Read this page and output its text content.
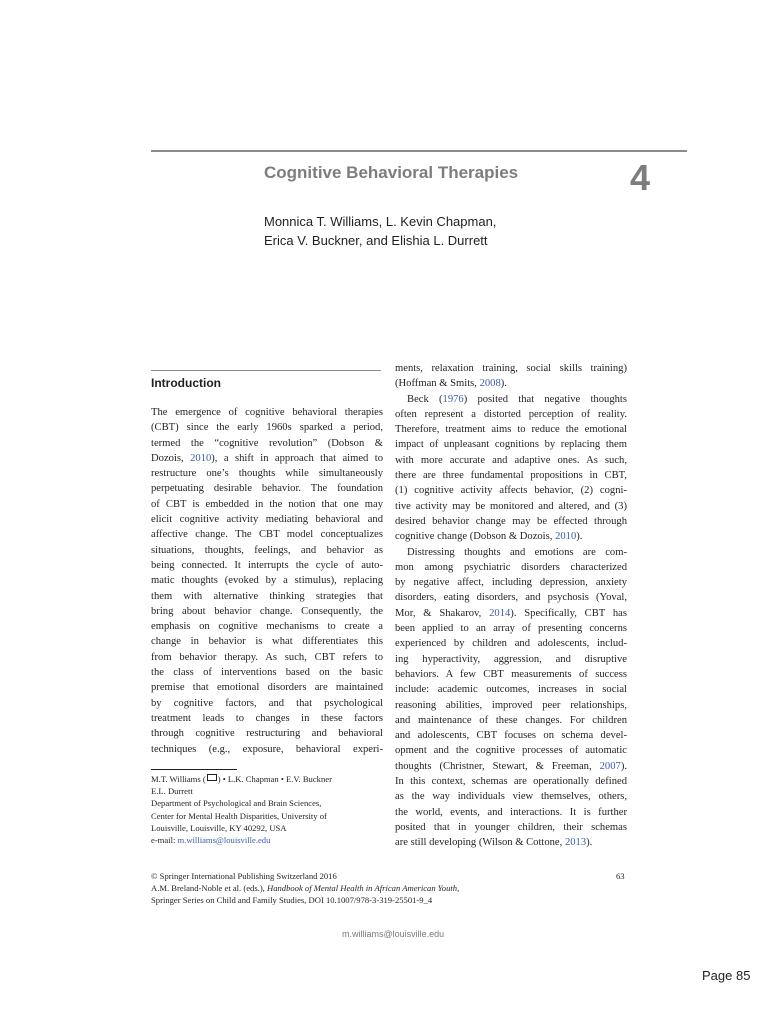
Cognitive Behavioral Therapies	4
Monnica T. Williams, L. Kevin Chapman,
Erica V. Buckner, and Elishia L. Durrett
Introduction
The emergence of cognitive behavioral therapies
(CBT) since the early 1960s sparked a period,
termed the “cognitive revolution” (Dobson &
Dozois, 2010), a shift in approach that aimed to
restructure one’s thoughts while simultaneously
perpetuating desirable behavior. The foundation
of CBT is embedded in the notion that one may
elicit cognitive activity mediating behavioral and
affective change. The CBT model conceptualizes
situations, thoughts, feelings, and behavior as
being connected. It interrupts the cycle of auto-
matic thoughts (evoked by a stimulus), replacing
them with alternative thinking strategies that
bring about behavior change. Consequently, the
emphasis on cognitive mechanisms to create a
change in behavior is what differentiates this
from behavior therapy. As such, CBT refers to
the class of interventions based on the basic
premise that emotional disorders are maintained
by cognitive factors, and that psychological
treatment leads to changes in these factors
through cognitive restructuring and behavioral
techniques (e.g., exposure, behavioral experi-
ments, relaxation training, social skills training)
(Hoffman & Smits, 2008).
Beck (1976) posited that negative thoughts
often represent a distorted perception of reality.
Therefore, treatment aims to reduce the emotional
impact of unpleasant cognitions by replacing them
with more accurate and adaptive ones. As such,
there are three fundamental propositions in CBT,
(1) cognitive activity affects behavior, (2) cogni-
tive activity may be monitored and altered, and (3)
desired behavior change may be effected through
cognitive change (Dobson & Dozois, 2010).
Distressing thoughts and emotions are com-
mon among psychiatric disorders characterized
by negative affect, including depression, anxiety
disorders, eating disorders, and psychosis (Yoval,
Mor, & Shakarov, 2014). Specifically, CBT has
been applied to an array of presenting concerns
experienced by children and adolescents, includ-
ing hyperactivity, aggression, and disruptive
behaviors. A few CBT measurements of success
include: academic outcomes, increases in social
reasoning abilities, improved peer relationships,
and maintenance of these changes. For children
and adolescents, CBT focuses on schema devel-
opment and the cognitive processes of automatic
thoughts (Christner, Stewart, & Freeman, 2007).
In this context, schemas are operationally defined
as the way individuals view themselves, others,
the world, events, and interactions. It is further
posited that in younger children, their schemas
are still developing (Wilson & Cottone, 2013).
M.T. Williams ( ) • L.K. Chapman • E.V. Buckner
E.L. Durrett
Department of Psychological and Brain Sciences,
Center for Mental Health Disparities, University of
Louisville, Louisville, KY 40292, USA
e-mail: m.williams@louisville.edu
© Springer International Publishing Switzerland 2016
A.M. Breland-Noble et al. (eds.), Handbook of Mental Health in African American Youth,
Springer Series on Child and Family Studies, DOI 10.1007/978-3-319-25501-9_4
63
m.williams@louisville.edu
Page 85
